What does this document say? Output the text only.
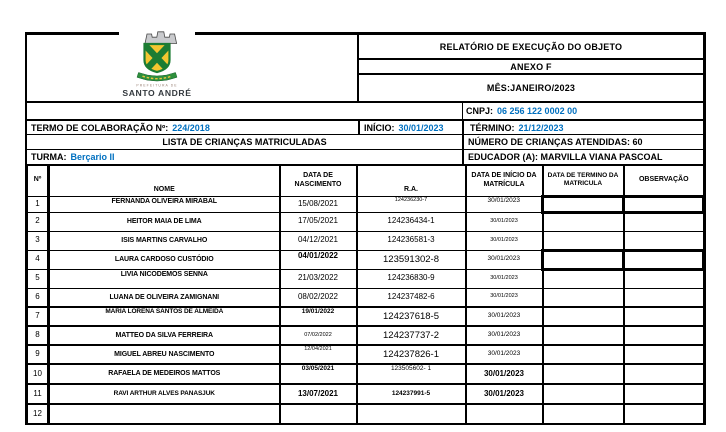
PREFEITURA DE
SANTO ANDRÉ
RELATÓRIO DE EXECUÇÃO DO OBJETO
ANEXO F
MÊS:JANEIRO/2023
CNPJ: 06 256 122 0002 00
TERMO DE COLABORAÇÃO Nº: 224/2018	INÍCIO: 30/01/2023	TÉRMINO: 21/12/2023
LISTA DE CRIANÇAS MATRICULADAS	NÚMERO DE CRIANÇAS ATENDIDAS: 60
TURMA: Berçario II	EDUCADOR (A): MARVILLA VIANA PASCOAL
Nº	NOME	DATA DE NASCIMENTO	R.A.	DATA DE INÍCIO DA MATRÍCULA	DATA DE TERMINO DA MATRICULA	OBSERVAÇÃO
1	FERNANDA OLIVEIRA MIRABAL	15/08/2021	124236230-7	30/01/2023		
2	HEITOR MAIA DE LIMA	17/05/2021	124236434-1	30/01/2023		
3	ISIS MARTINS CARVALHO	04/12/2021	124236581-3	30/01/2023		
4	LAURA CARDOSO CUSTÓDIO	04/01/2022	123591302-8	30/01/2023		
5	LIVIA NICODEMOS SENNA	21/03/2022	124236830-9	30/01/2023		
6	LUANA DE OLIVEIRA ZAMIGNANI	08/02/2022	124237482-6	30/01/2023		
7	MARIA LORENA SANTOS DE ALMEIDA	19/01/2022	124237618-5	30/01/2023		
8	MATTEO DA SILVA FERREIRA	07/02/2022	124237737-2	30/01/2023		
9	MIGUEL ABREU NASCIMENTO	12/04/2021	124237826-1	30/01/2023		
10	RAFAELA DE MEDEIROS MATTOS	03/05/2021	123505602- 1	30/01/2023		
11	RAVI ARTHUR ALVES PANASJUK	13/07/2021	124237991-5	30/01/2023		
12						
